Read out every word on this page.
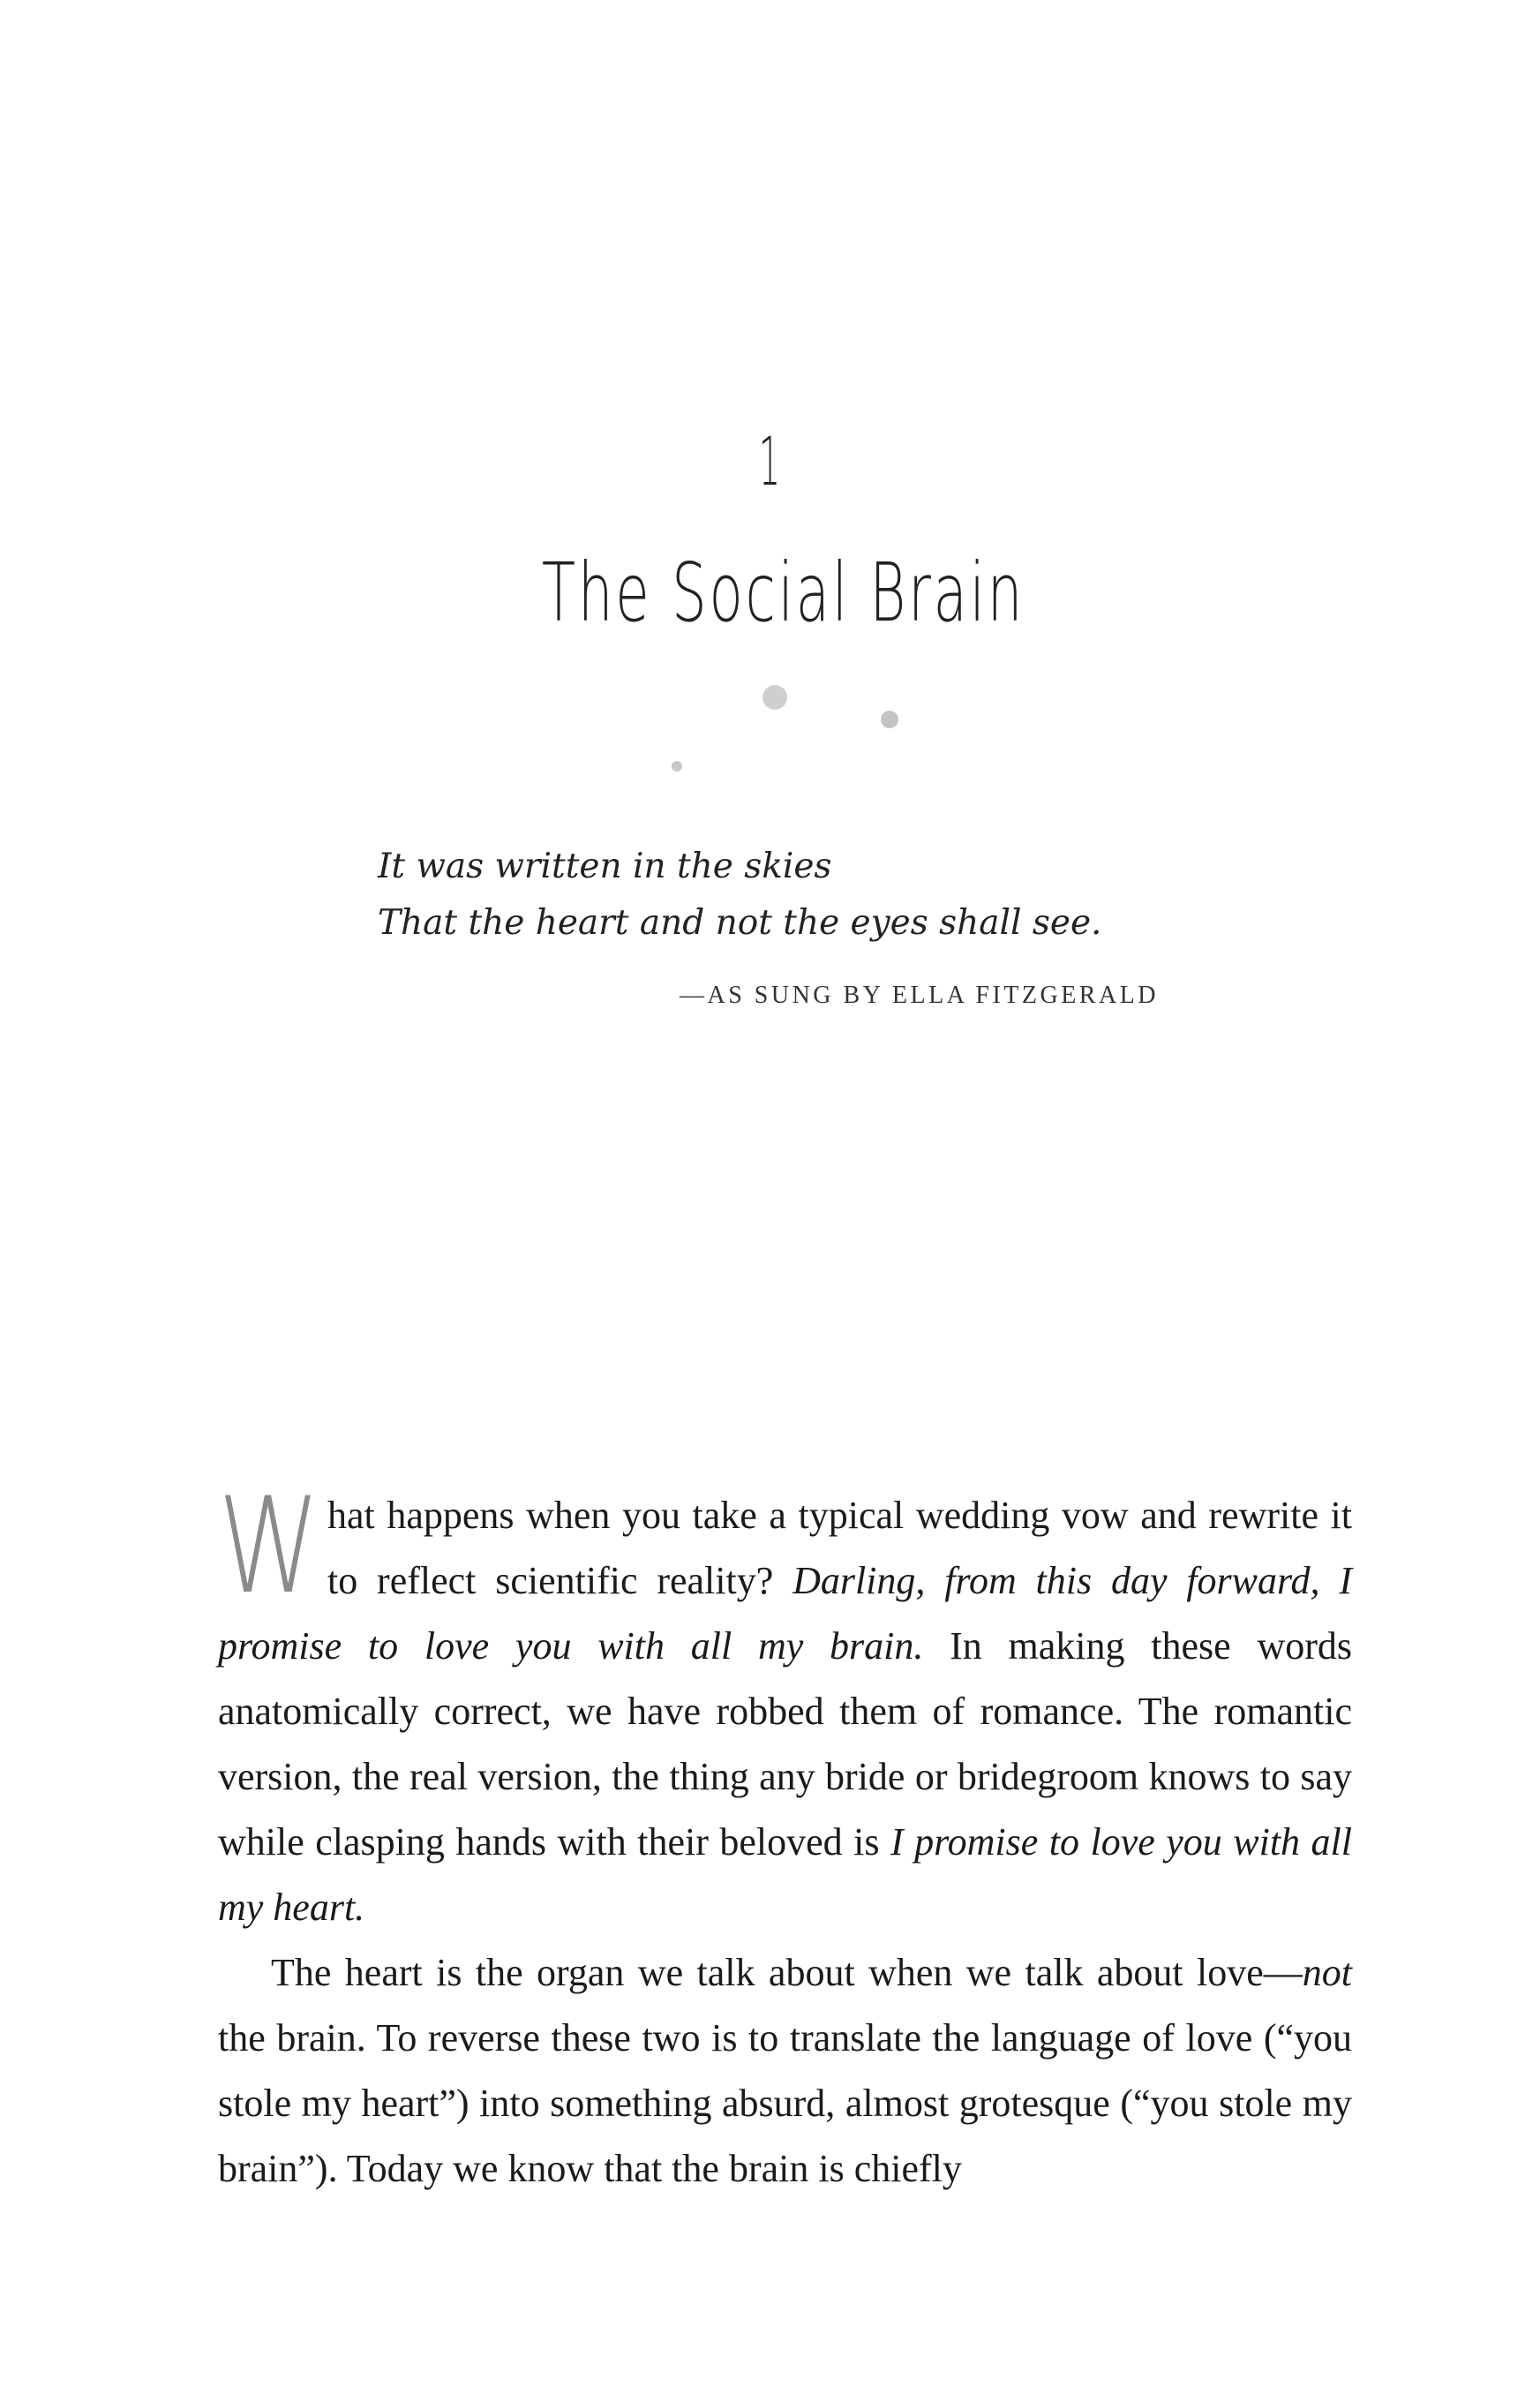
1
The Social Brain
It was written in the skies
That the heart and not the eyes shall see.
—AS SUNG BY ELLA FITZGERALD

What happens when you take a typical wedding vow and rewrite it to reflect scientific reality? Darling, from this day forward, I promise to love you with all my brain. In making these words anatomically correct, we have robbed them of romance. The romantic version, the real version, the thing any bride or bridegroom knows to say while clasping hands with their beloved is I promise to love you with all my heart.

The heart is the organ we talk about when we talk about love—not the brain. To reverse these two is to translate the language of love (“you stole my heart”) into something absurd, almost grotesque (“you stole my brain”). Today we know that the brain is chiefly
